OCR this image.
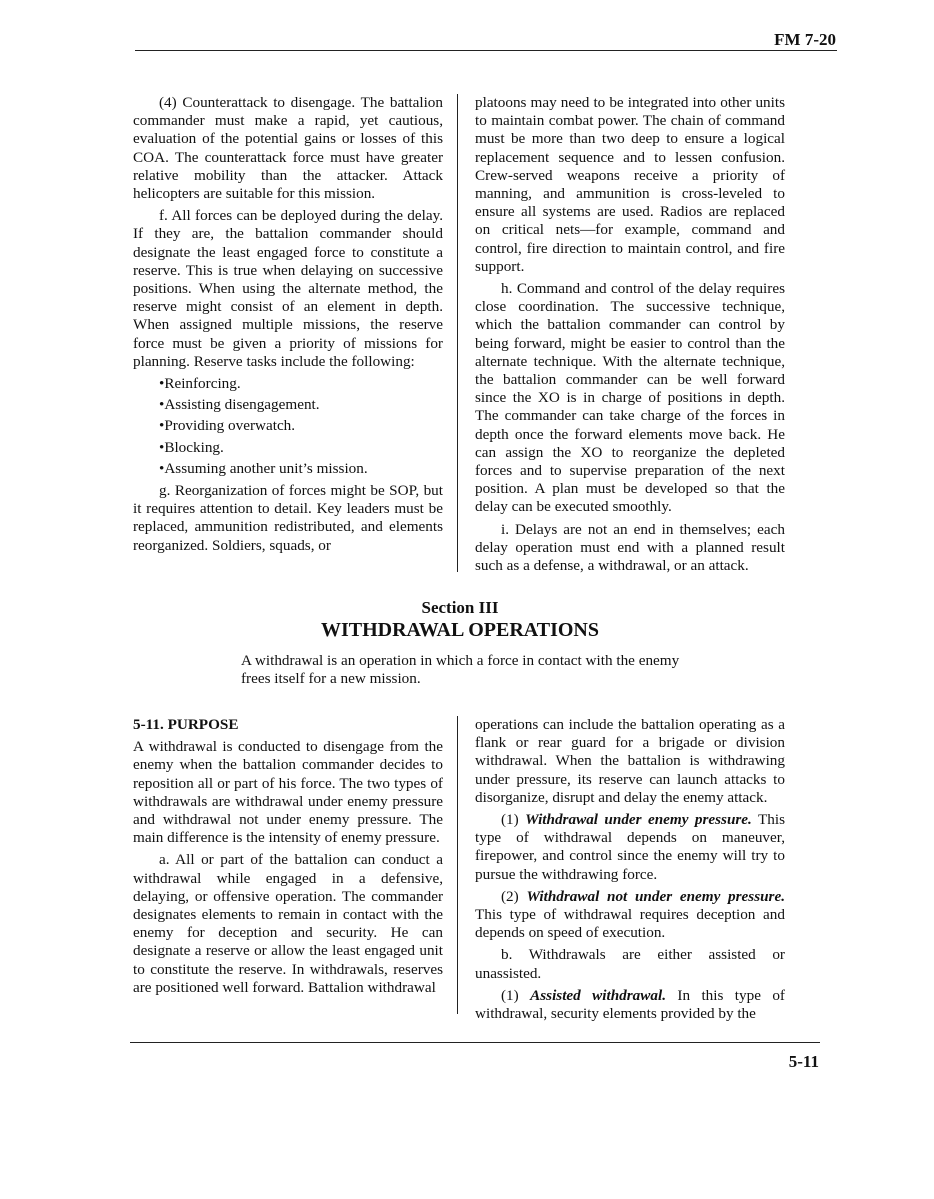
FM 7-20

(4) Counterattack to disengage. The battalion commander must make a rapid, yet cautious, evaluation of the potential gains or losses of this COA. The counterattack force must have greater relative mobility than the attacker. Attack helicopters are suitable for this mission.

f. All forces can be deployed during the delay. If they are, the battalion commander should designate the least engaged force to constitute a reserve. This is true when delaying on successive positions. When using the alternate method, the reserve might consist of an element in depth. When assigned multiple missions, the reserve force must be given a priority of missions for planning. Reserve tasks include the following:

•Reinforcing.
•Assisting disengagement.
•Providing overwatch.
•Blocking.
•Assuming another unit’s mission.

g. Reorganization of forces might be SOP, but it requires attention to detail. Key leaders must be replaced, ammunition redistributed, and elements reorganized. Soldiers, squads, or

platoons may need to be integrated into other units to maintain combat power. The chain of command must be more than two deep to ensure a logical replacement sequence and to lessen confusion. Crew-served weapons receive a priority of manning, and ammunition is cross-leveled to ensure all systems are used. Radios are replaced on critical nets—for example, command and control, fire direction to maintain control, and fire support.

h. Command and control of the delay requires close coordination. The successive technique, which the battalion commander can control by being forward, might be easier to control than the alternate technique. With the alternate technique, the battalion commander can be well forward since the XO is in charge of positions in depth. The commander can take charge of the forces in depth once the forward elements move back. He can assign the XO to reorganize the depleted forces and to supervise preparation of the next position. A plan must be developed so that the delay can be executed smoothly.

i. Delays are not an end in themselves; each delay operation must end with a planned result such as a defense, a withdrawal, or an attack.

Section III
WITHDRAWAL OPERATIONS
A withdrawal is an operation in which a force in contact with the enemy frees itself for a new mission.

5-11. PURPOSE

A withdrawal is conducted to disengage from the enemy when the battalion commander decides to reposition all or part of his force. The two types of withdrawals are withdrawal under enemy pressure and withdrawal not under enemy pressure. The main difference is the intensity of enemy pressure.

a. All or part of the battalion can conduct a withdrawal while engaged in a defensive, delaying, or offensive operation. The commander designates elements to remain in contact with the enemy for deception and security. He can designate a reserve or allow the least engaged unit to constitute the reserve. In withdrawals, reserves are positioned well forward. Battalion withdrawal

operations can include the battalion operating as a flank or rear guard for a brigade or division withdrawal. When the battalion is withdrawing under pressure, its reserve can launch attacks to disorganize, disrupt and delay the enemy attack.

(1) Withdrawal under enemy pressure. This type of withdrawal depends on maneuver, firepower, and control since the enemy will try to pursue the withdrawing force.

(2) Withdrawal not under enemy pressure. This type of withdrawal requires deception and depends on speed of execution.

b. Withdrawals are either assisted or unassisted.

(1) Assisted withdrawal. In this type of withdrawal, security elements provided by the

5-11
